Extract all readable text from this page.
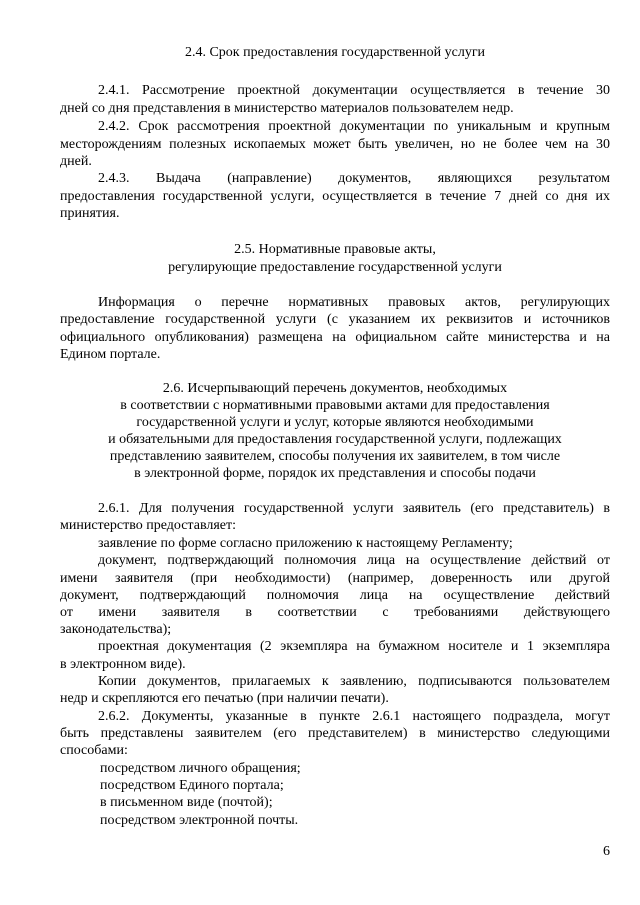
2.4. Срок предоставления государственной услуги
2.4.1. Рассмотрение проектной документации осуществляется в течение 30
дней со дня представления в министерство материалов пользователем недр.
2.4.2. Срок рассмотрения проектной документации по уникальным и крупным
месторождениям полезных ископаемых может быть увеличен, но не более чем на 30
дней.
2.4.3. Выдача (направление) документов, являющихся результатом
предоставления государственной услуги, осуществляется в течение 7 дней со дня их
принятия.
2.5. Нормативные правовые акты,
регулирующие предоставление государственной услуги
Информация о перечне нормативных правовых актов, регулирующих
предоставление государственной услуги (с указанием их реквизитов и источников
официального опубликования) размещена на официальном сайте министерства и на
Едином портале.
2.6. Исчерпывающий перечень документов, необходимых
в соответствии с нормативными правовыми актами для предоставления
государственной услуги и услуг, которые являются необходимыми
и обязательными для предоставления государственной услуги, подлежащих
представлению заявителем, способы получения их заявителем, в том числе
в электронной форме, порядок их представления и способы подачи
2.6.1. Для получения государственной услуги заявитель (его представитель) в
министерство предоставляет:
заявление по форме согласно приложению к настоящему Регламенту;
документ, подтверждающий полномочия лица на осуществление действий от
имени заявителя (при необходимости) (например, доверенность или другой
документ, подтверждающий полномочия лица на осуществление действий
от имени заявителя в соответствии с требованиями действующего
законодательства);
проектная документация (2 экземпляра на бумажном носителе и 1 экземпляра
в электронном виде).
Копии документов, прилагаемых к заявлению, подписываются пользователем
недр и скрепляются его печатью (при наличии печати).
2.6.2. Документы, указанные в пункте 2.6.1 настоящего подраздела, могут
быть представлены заявителем (его представителем) в министерство следующими
способами:
посредством личного обращения;
посредством Единого портала;
в письменном виде (почтой);
посредством электронной почты.
6
